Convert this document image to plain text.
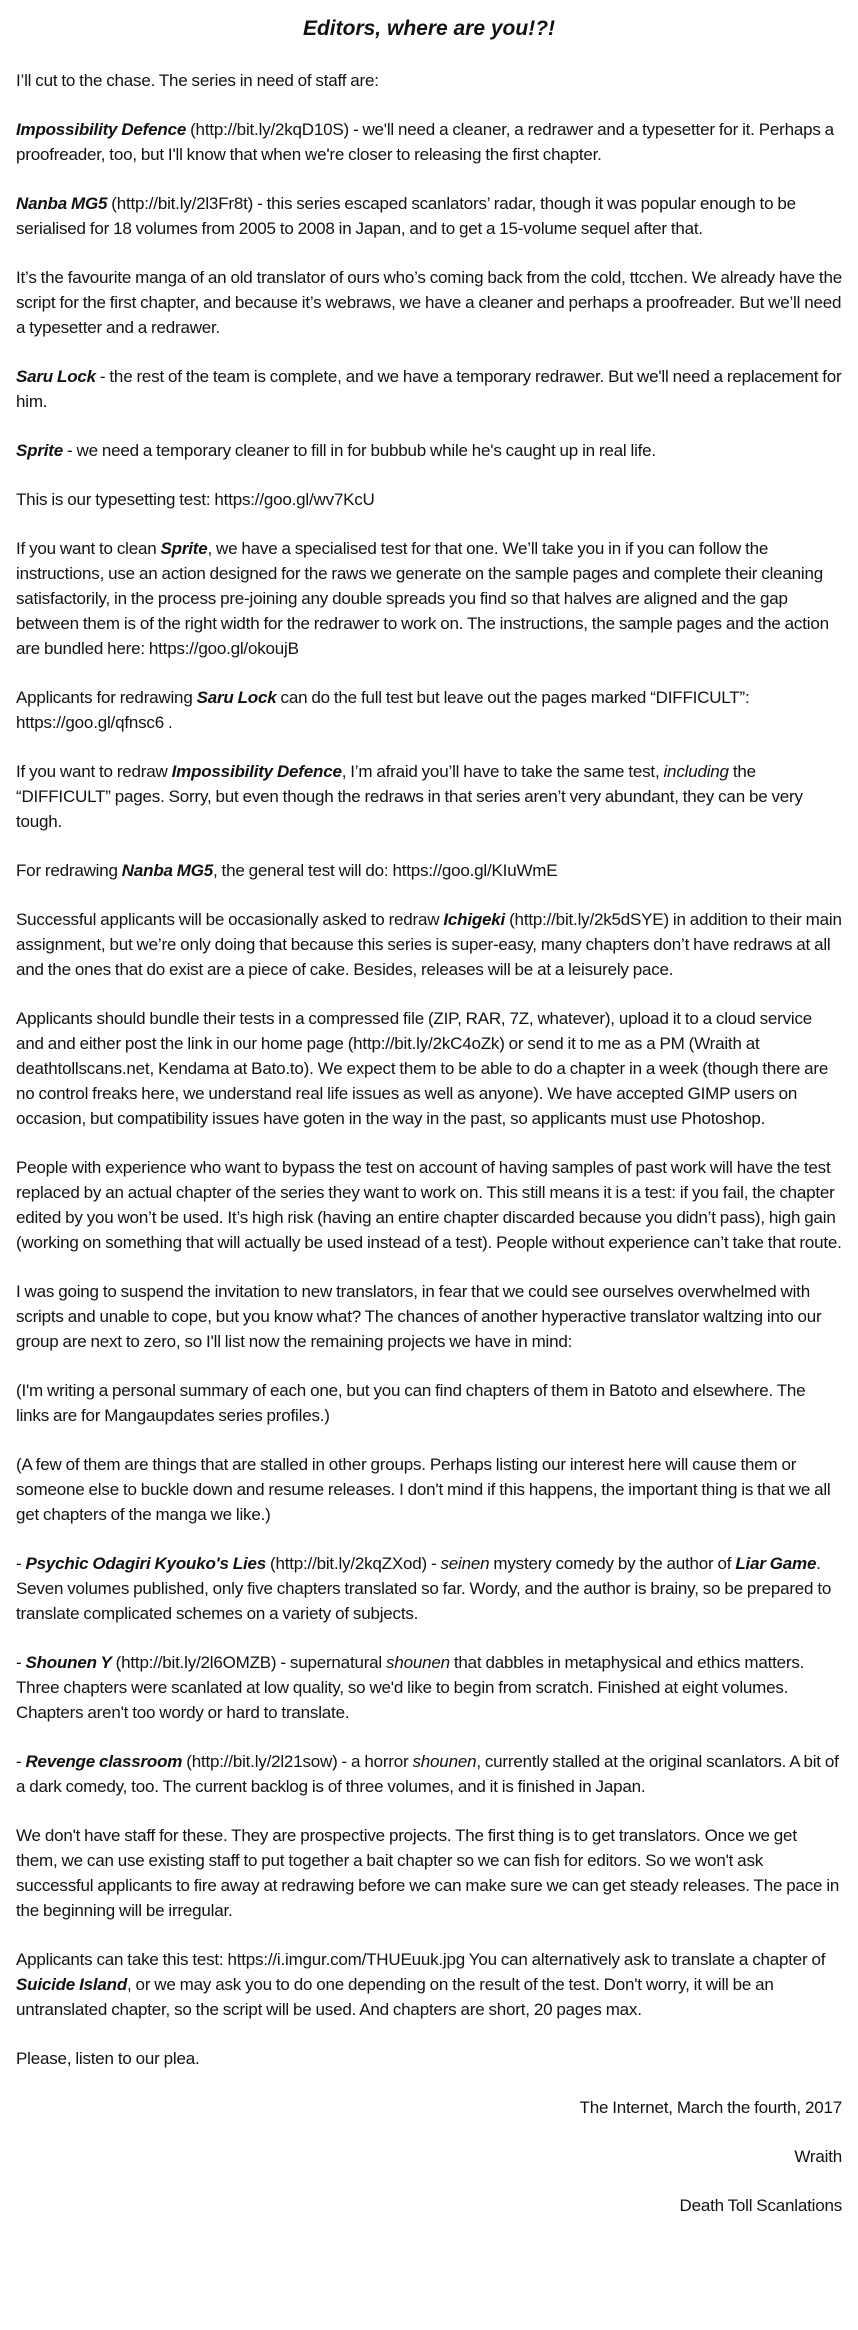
Editors, where are you!?!

I’ll cut to the chase. The series in need of staff are:

Impossibility Defence (http://bit.ly/2kqD10S) - we'll need a cleaner, a redrawer and a typesetter for it. Perhaps a proofreader, too, but I'll know that when we're closer to releasing the first chapter.

Nanba MG5 (http://bit.ly/2l3Fr8t) - this series escaped scanlators’ radar, though it was popular enough to be serialised for 18 volumes from 2005 to 2008 in Japan, and to get a 15-volume sequel after that.

It’s the favourite manga of an old translator of ours who’s coming back from the cold, ttcchen. We already have the script for the first chapter, and because it’s webraws, we have a cleaner and perhaps a proofreader. But we’ll need a typesetter and a redrawer.

Saru Lock - the rest of the team is complete, and we have a temporary redrawer. But we'll need a replacement for him.

Sprite - we need a temporary cleaner to fill in for bubbub while he's caught up in real life.

This is our typesetting test: https://goo.gl/wv7KcU

If you want to clean Sprite, we have a specialised test for that one. We’ll take you in if you can follow the instructions, use an action designed for the raws we generate on the sample pages and complete their cleaning satisfactorily, in the process pre-joining any double spreads you find so that halves are aligned and the gap between them is of the right width for the redrawer to work on. The instructions, the sample pages and the action are bundled here: https://goo.gl/okoujB

Applicants for redrawing Saru Lock can do the full test but leave out the pages marked “DIFFICULT”: https://goo.gl/qfnsc6 .

If you want to redraw Impossibility Defence, I’m afraid you’ll have to take the same test, including the “DIFFICULT” pages. Sorry, but even though the redraws in that series aren’t very abundant, they can be very tough.

For redrawing Nanba MG5, the general test will do: https://goo.gl/KIuWmE

Successful applicants will be occasionally asked to redraw Ichigeki (http://bit.ly/2k5dSYE) in addition to their main assignment, but we’re only doing that because this series is super-easy, many chapters don’t have redraws at all and the ones that do exist are a piece of cake. Besides, releases will be at a leisurely pace.

Applicants should bundle their tests in a compressed file (ZIP, RAR, 7Z, whatever), upload it to a cloud service and and either post the link in our home page (http://bit.ly/2kC4oZk) or send it to me as a PM (Wraith at deathtollscans.net, Kendama at Bato.to). We expect them to be able to do a chapter in a week (though there are no control freaks here, we understand real life issues as well as anyone). We have accepted GIMP users on occasion, but compatibility issues have goten in the way in the past, so applicants must use Photoshop.

People with experience who want to bypass the test on account of having samples of past work will have the test replaced by an actual chapter of the series they want to work on. This still means it is a test: if you fail, the chapter edited by you won’t be used. It’s high risk (having an entire chapter discarded because you didn’t pass), high gain (working on something that will actually be used instead of a test). People without experience can’t take that route.

I was going to suspend the invitation to new translators, in fear that we could see ourselves overwhelmed with scripts and unable to cope, but you know what? The chances of another hyperactive translator waltzing into our group are next to zero, so I'll list now the remaining projects we have in mind:

(I'm writing a personal summary of each one, but you can find chapters of them in Batoto and elsewhere. The links are for Mangaupdates series profiles.)

(A few of them are things that are stalled in other groups. Perhaps listing our interest here will cause them or someone else to buckle down and resume releases. I don't mind if this happens, the important thing is that we all get chapters of the manga we like.)

- Psychic Odagiri Kyouko's Lies (http://bit.ly/2kqZXod) - seinen mystery comedy by the author of Liar Game. Seven volumes published, only five chapters translated so far. Wordy, and the author is brainy, so be prepared to translate complicated schemes on a variety of subjects.

- Shounen Y (http://bit.ly/2l6OMZB) - supernatural shounen that dabbles in metaphysical and ethics matters. Three chapters were scanlated at low quality, so we'd like to begin from scratch. Finished at eight volumes. Chapters aren't too wordy or hard to translate.

- Revenge classroom (http://bit.ly/2l21sow) - a horror shounen, currently stalled at the original scanlators. A bit of a dark comedy, too. The current backlog is of three volumes, and it is finished in Japan.

We don't have staff for these. They are prospective projects. The first thing is to get translators. Once we get them, we can use existing staff to put together a bait chapter so we can fish for editors. So we won't ask successful applicants to fire away at redrawing before we can make sure we can get steady releases. The pace in the beginning will be irregular.

Applicants can take this test: https://i.imgur.com/THUEuuk.jpg You can alternatively ask to translate a chapter of Suicide Island, or we may ask you to do one depending on the result of the test. Don't worry, it will be an untranslated chapter, so the script will be used. And chapters are short, 20 pages max.

Please, listen to our plea.

The Internet, March the fourth, 2017

Wraith

Death Toll Scanlations
